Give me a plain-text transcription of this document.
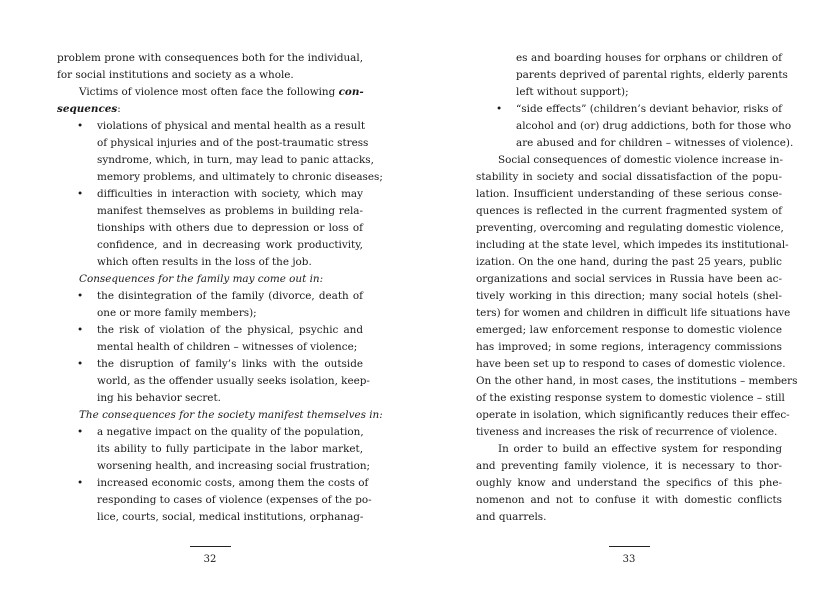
problem prone with consequences both for the individual,
for social institutions and society as a whole.
Victims of violence most often face the following con-
sequences:
• violations of physical and mental health as a result
of physical injuries and of the post-traumatic stress
syndrome, which, in turn, may lead to panic attacks,
memory problems, and ultimately to chronic diseases;
• difficulties in interaction with society, which may
manifest themselves as problems in building rela-
tionships with others due to depression or loss of
confidence, and in decreasing work productivity,
which often results in the loss of the job.
Consequences for the family may come out in:
• the disintegration of the family (divorce, death of
one or more family members);
• the risk of violation of the physical, psychic and
mental health of children – witnesses of violence;
• the disruption of family’s links with the outside
world, as the offender usually seeks isolation, keep-
ing his behavior secret.
The consequences for the society manifest themselves in:
• a negative impact on the quality of the population,
its ability to fully participate in the labor market,
worsening health, and increasing social frustration;
• increased economic costs, among them the costs of
responding to cases of violence (expenses of the po-
lice, courts, social, medical institutions, orphanag-
32
es and boarding houses for orphans or children of
parents deprived of parental rights, elderly parents
left without support);
• “side effects” (children’s deviant behavior, risks of
alcohol and (or) drug addictions, both for those who
are abused and for children – witnesses of violence).
Social consequences of domestic violence increase in-
stability in society and social dissatisfaction of the popu-
lation. Insufficient understanding of these serious conse-
quences is reflected in the current fragmented system of
preventing, overcoming and regulating domestic violence,
including at the state level, which impedes its institutional-
ization. On the one hand, during the past 25 years, public
organizations and social services in Russia have been ac-
tively working in this direction; many social hotels (shel-
ters) for women and children in difficult life situations have
emerged; law enforcement response to domestic violence
has improved; in some regions, interagency commissions
have been set up to respond to cases of domestic violence.
On the other hand, in most cases, the institutions – members
of the existing response system to domestic violence – still
operate in isolation, which significantly reduces their effec-
tiveness and increases the risk of recurrence of violence.
In order to build an effective system for responding
and preventing family violence, it is necessary to thor-
oughly know and understand the specifics of this phe-
nomenon and not to confuse it with domestic conflicts
and quarrels.
33
